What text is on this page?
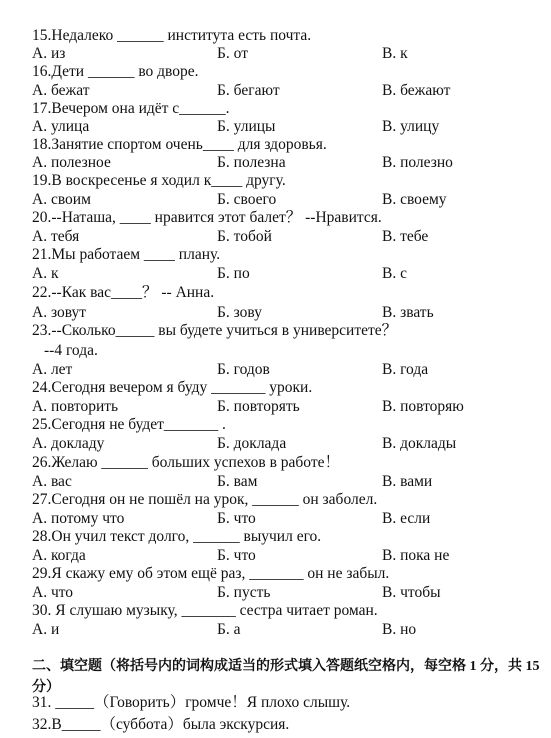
15.Недалеко ______ института есть почта.
А. из	Б. от	В. к
16.Дети ______ во дворе.
А. бежат	Б. бегают	В. бежают
17.Вечером она идёт с______.
А. улица	Б. улицы	В. улицу
18.Занятие спортом очень____ для здоровья.
А. полезное	Б. полезна	В. полезно
19.В воскресенье я ходил к____ другу.
А. своим	Б. своего	В. своему
20.--Наташа, ____ нравится этот балет？ --Нравится.
А. тебя	Б. тобой	В. тебе
21.Мы работаем ____ плану.
А. к	Б. по	В. с
22.--Как вас____？ -- Анна.
А. зовут	Б. зову	В. звать
23.--Сколько_____ вы будете учиться в университете？
--4 года.
А. лет	Б. годов	В. года
24.Сегодня вечером я буду _______ уроки.
А. повторить	Б. повторять	В. повторяю
25.Сегодня не будет_______ .
А. докладу	Б. доклада	В. доклады
26.Желаю ______ больших успехов в работе！
А. вас	Б. вам	В. вами
27.Сегодня он не пошёл на урок, ______ он заболел.
А. потому что	Б. что	В. если
28.Он учил текст долго, ______ выучил его.
А. когда	Б. что	В. пока не
29.Я скажу ему об этом ещё раз, _______ он не забыл.
А. что	Б. пусть	В. чтобы
30. Я слушаю музыку, _______ сестра читает роман.
А. и	Б. а	В. но
二、填空题（将括号内的词构成适当的形式填入答题纸空格内，每空格 1 分，共 15 分）
31. _____（Говорить）громче！Я плохо слышу.
32.В_____（суббота）была экскурсия.
